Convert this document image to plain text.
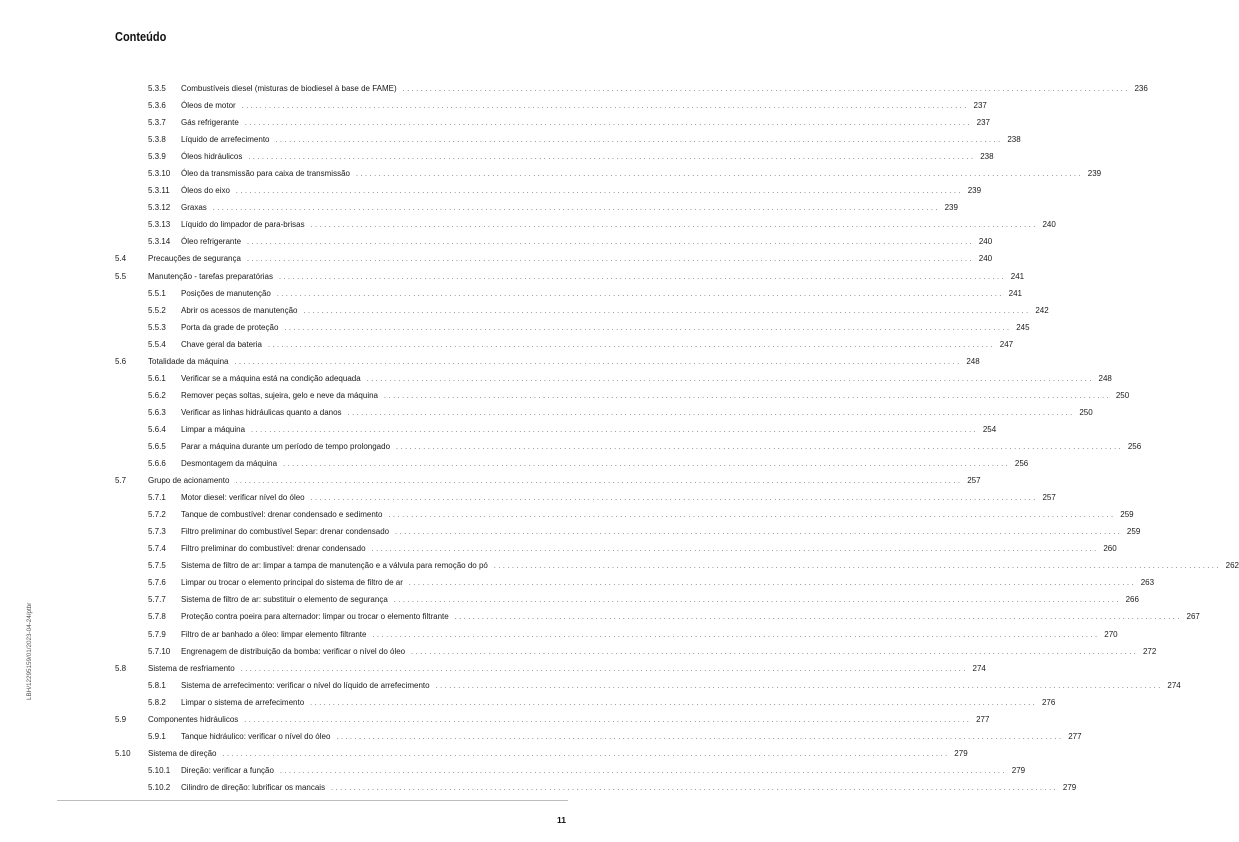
Conteúdo
5.3.5 Combustíveis diesel (misturas de biodiesel à base de FAME) ................................................................................................................................................................ 236
5.3.6 Óleos de motor ................................................................................................................................................................ 237
5.3.7 Gás refrigerante ................................................................................................................................................................ 237
5.3.8 Líquido de arrefecimento ................................................................................................................................................................ 238
5.3.9 Óleos hidráulicos ................................................................................................................................................................ 238
5.3.10 Óleo da transmissão para caixa de transmissão ................................................................................................................................................................ 239
5.3.11 Óleos do eixo ................................................................................................................................................................ 239
5.3.12 Graxas ................................................................................................................................................................ 239
5.3.13 Líquido do limpador de para-brisas ................................................................................................................................................................ 240
5.3.14 Óleo refrigerante ................................................................................................................................................................ 240
5.4	Precauções de segurança ................................................................................................................................................................ 240
5.5	Manutenção - tarefas preparatórias ................................................................................................................................................................ 241
5.5.1 Posições de manutenção ................................................................................................................................................................ 241
5.5.2 Abrir os acessos de manutenção ................................................................................................................................................................ 242
5.5.3 Porta da grade de proteção ................................................................................................................................................................ 245
5.5.4 Chave geral da bateria ................................................................................................................................................................ 247
5.6	Totalidade da máquina ................................................................................................................................................................ 248
5.6.1 Verificar se a máquina está na condição adequada ................................................................................................................................................................ 248
5.6.2 Remover peças soltas, sujeira, gelo e neve da máquina ................................................................................................................................................................ 250
5.6.3 Verificar as linhas hidráulicas quanto a danos ................................................................................................................................................................ 250
5.6.4 Limpar a máquina ................................................................................................................................................................ 254
5.6.5 Parar a máquina durante um período de tempo prolongado ................................................................................................................................................................ 256
5.6.6 Desmontagem da máquina ................................................................................................................................................................ 256
5.7	Grupo de acionamento ................................................................................................................................................................ 257
5.7.1 Motor diesel: verificar nível do óleo ................................................................................................................................................................ 257
5.7.2 Tanque de combustível: drenar condensado e sedimento ................................................................................................................................................................ 259
5.7.3 Filtro preliminar do combustível Separ: drenar condensado ................................................................................................................................................................ 259
5.7.4 Filtro preliminar do combustível: drenar condensado ................................................................................................................................................................ 260
5.7.5 Sistema de filtro de ar: limpar a tampa de manutenção e a válvula para remoção do pó ................................................................................................................................................................ 262
5.7.6 Limpar ou trocar o elemento principal do sistema de filtro de ar ................................................................................................................................................................ 263
5.7.7 Sistema de filtro de ar: substituir o elemento de segurança ................................................................................................................................................................ 266
5.7.8 Proteção contra poeira para alternador: limpar ou trocar o elemento filtrante ................................................................................................................................................................ 267
5.7.9 Filtro de ar banhado a óleo: limpar elemento filtrante ................................................................................................................................................................ 270
5.7.10 Engrenagem de distribuição da bomba: verificar o nível do óleo ................................................................................................................................................................ 272
5.8	Sistema de resfriamento ................................................................................................................................................................ 274
5.8.1 Sistema de arrefecimento: verificar o nível do líquido de arrefecimento ................................................................................................................................................................ 274
5.8.2 Limpar o sistema de arrefecimento ................................................................................................................................................................ 276
5.9	Componentes hidráulicos ................................................................................................................................................................ 277
5.9.1 Tanque hidráulico: verificar o nível do óleo ................................................................................................................................................................ 277
5.10 Sistema de direção ................................................................................................................................................................ 279
5.10.1 Direção: verificar a função ................................................................................................................................................................ 279
5.10.2 Cilindro de direção: lubrificar os mancais ................................................................................................................................................................ 279
LBH/12295159/01/2023-04-24/ptbr
11
